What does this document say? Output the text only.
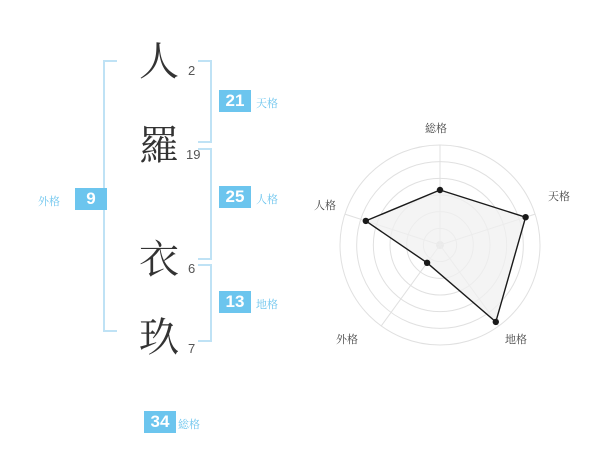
外格	9
人 2
羅 19
衣 6
玖 7
21	天格
25	人格
13	地格
34 総格
総格
天格
地格
外格
人格
